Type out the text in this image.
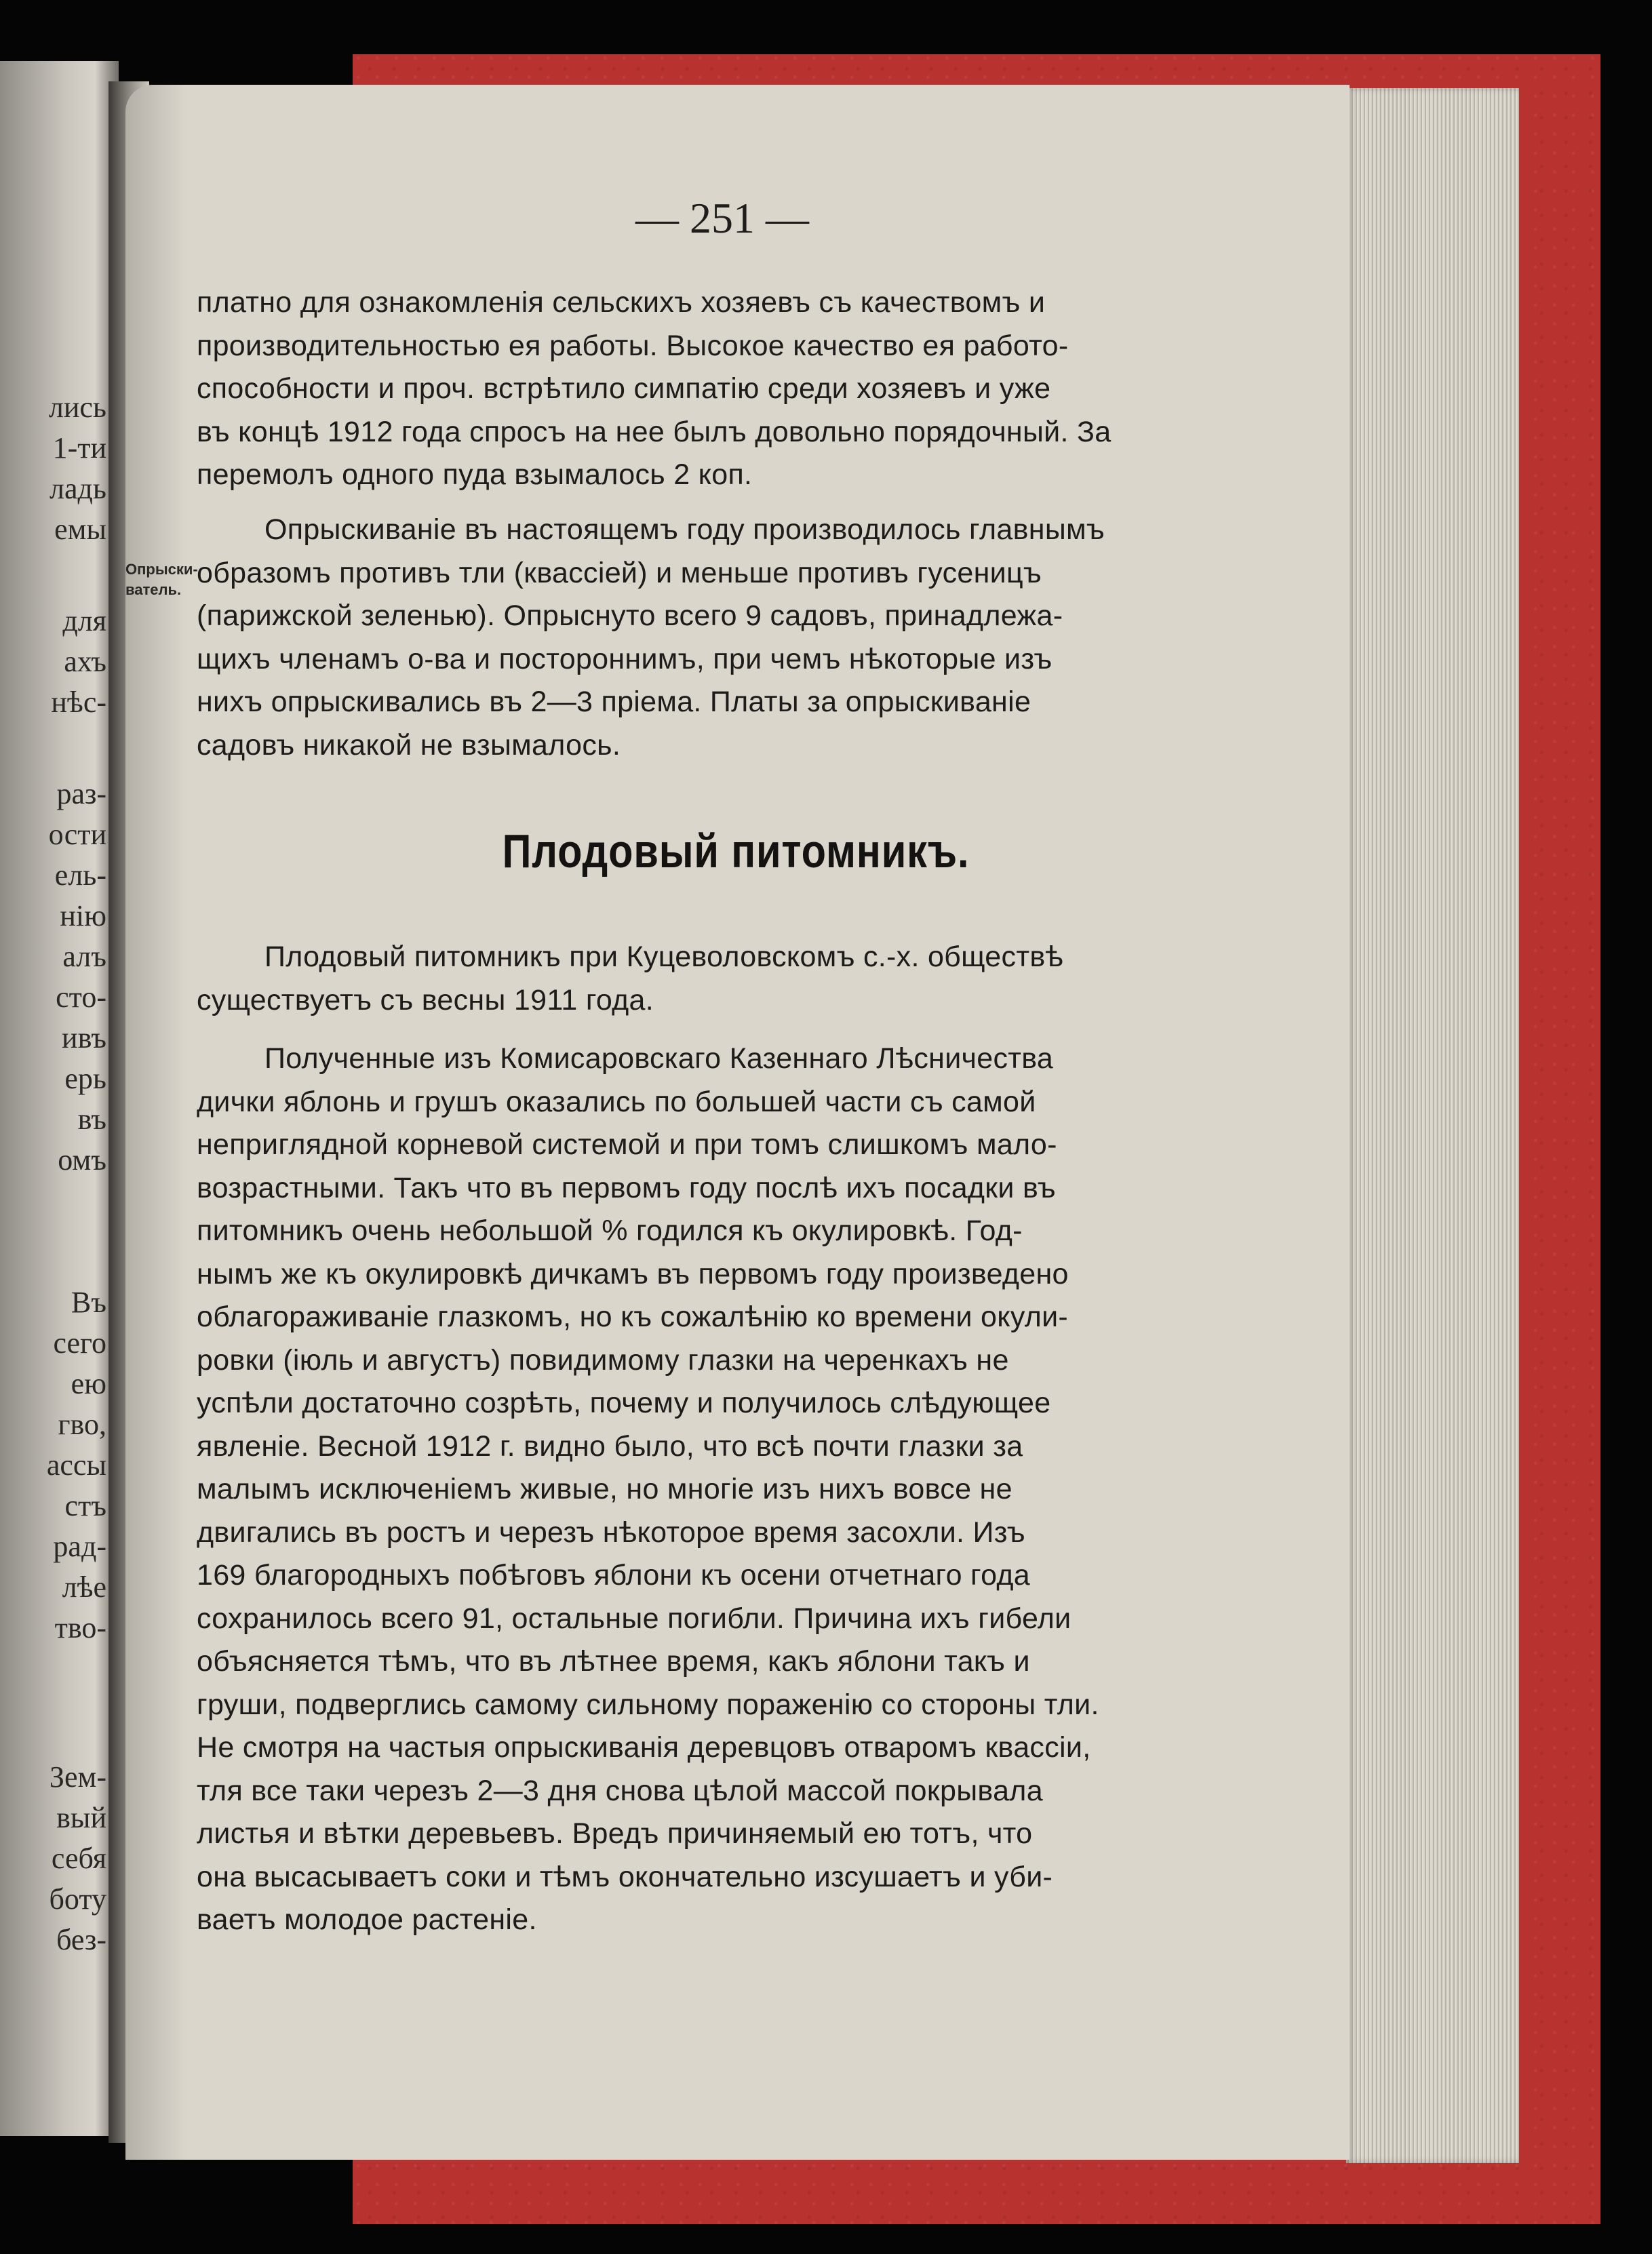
лись
1-ти
ладь
емы
для
ахъ
нѣс-
раз-
ости
ель-
нію
алъ
сто-
ивъ
ерь
въ
омъ
Въ
сего
ею
гво,
ассы
стъ
рад-
лѣе
тво-
Зем-
вый
себя
боту
без-
Опрыски-
ватель.
— 251 —
платно для ознакомленія сельскихъ хозяевъ съ качествомъ и
производительностью ея работы. Высокое качество ея работо-
способности и проч. встрѣтило симпатію среди хозяевъ и уже
въ концѣ 1912 года спросъ на нее былъ довольно порядочный. За
перемолъ одного пуда взымалось 2 коп.
Опрыскиваніе въ настоящемъ году производилось главнымъ
образомъ противъ тли (квассіей) и меньше противъ гусеницъ
(парижской зеленью). Опрыснуто всего 9 садовъ, принадлежа-
щихъ членамъ о-ва и постороннимъ, при чемъ нѣкоторые изъ
нихъ опрыскивались въ 2—3 пріема. Платы за опрыскиваніе
садовъ никакой не взымалось.
Плодовый питомникъ.
Плодовый питомникъ при Куцеволовскомъ с.-х. обществѣ
существуетъ съ весны 1911 года.
Полученные изъ Комисаровскаго Казеннаго Лѣсничества
дички яблонь и грушъ оказались по большей части съ самой
неприглядной корневой системой и при томъ слишкомъ мало-
возрастными. Такъ что въ первомъ году послѣ ихъ посадки въ
питомникъ очень небольшой % годился къ окулировкѣ. Год-
нымъ же къ окулировкѣ дичкамъ въ первомъ году произведено
облагораживаніе глазкомъ, но къ сожалѣнію ко времени окули-
ровки (іюль и августъ) повидимому глазки на черенкахъ не
успѣли достаточно созрѣть, почему и получилось слѣдующее
явленіе. Весной 1912 г. видно было, что всѣ почти глазки за
малымъ исключеніемъ живые, но многіе изъ нихъ вовсе не
двигались въ ростъ и черезъ нѣкоторое время засохли. Изъ
169 благородныхъ побѣговъ яблони къ осени отчетнаго года
сохранилось всего 91, остальные погибли. Причина ихъ гибели
объясняется тѣмъ, что въ лѣтнее время, какъ яблони такъ и
груши, подверглись самому сильному пораженію со стороны тли.
Не смотря на частыя опрыскиванія деревцовъ отваромъ квассіи,
тля все таки черезъ 2—3 дня снова цѣлой массой покрывала
листья и вѣтки деревьевъ. Вредъ причиняемый ею тотъ, что
она высасываетъ соки и тѣмъ окончательно изсушаетъ и уби-
ваетъ молодое растеніе.
